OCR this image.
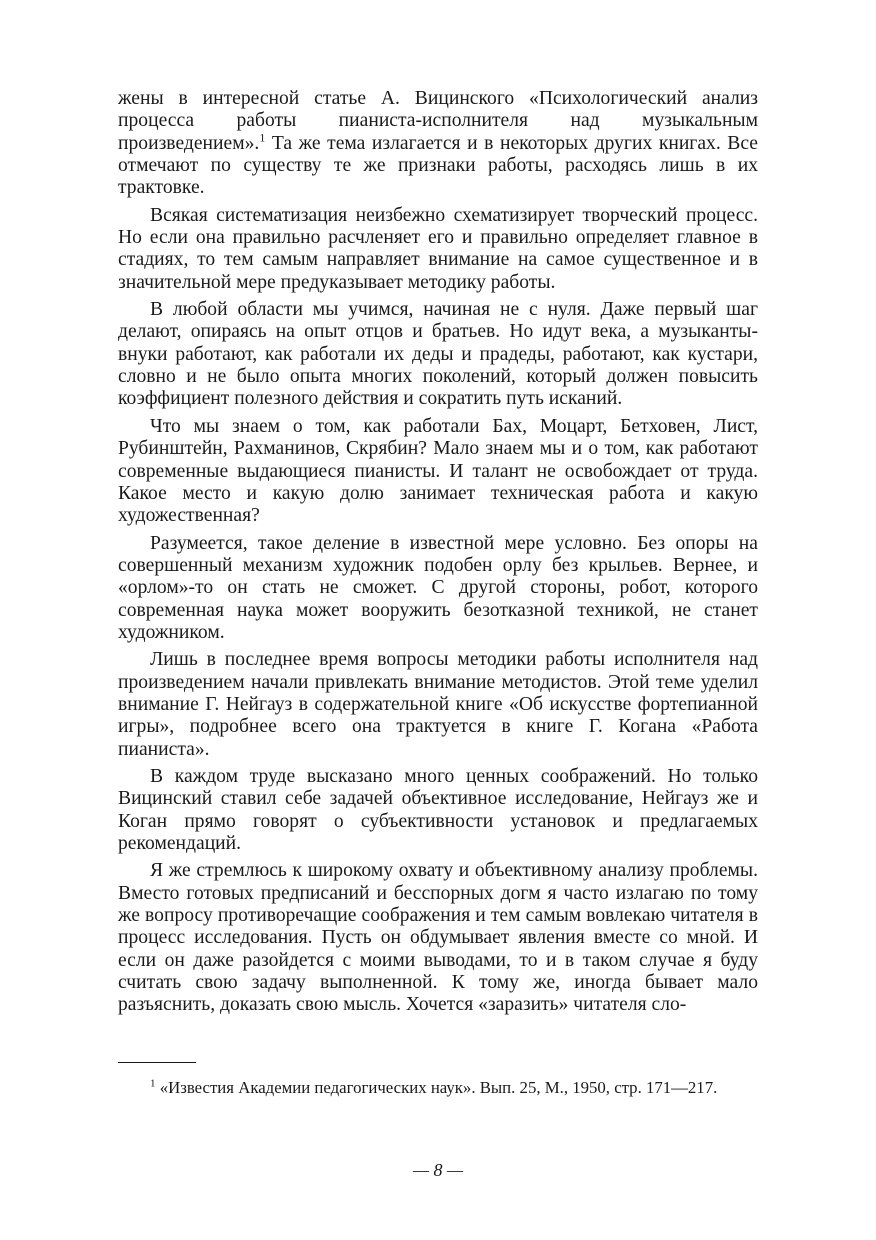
жены в интересной статье А. Вицинского «Психологический анализ процесса работы пианиста-исполнителя над музыкальным произведением».$^1$ Та же тема излагается и в некоторых других книгах. Все отмечают по существу те же признаки работы, расходясь лишь в их трактовке.

Всякая систематизация неизбежно схематизирует творческий процесс. Но если она правильно расчленяет его и правильно определяет главное в стадиях, то тем самым направляет внимание на самое существенное и в значительной мере предуказывает методику работы.

В любой области мы учимся, начиная не с нуля. Даже первый шаг делают, опираясь на опыт отцов и братьев. Но идут века, а музыканты-внуки работают, как работали их деды и прадеды, работают, как кустари, словно и не было опыта многих поколений, который должен повысить коэффициент полезного действия и сократить путь исканий.

Что мы знаем о том, как работали Бах, Моцарт, Бетховен, Лист, Рубинштейн, Рахманинов, Скрябин? Мало знаем мы и о том, как работают современные выдающиеся пианисты. И талант не освобождает от труда. Какое место и какую долю занимает техническая работа и какую художественная?

Разумеется, такое деление в известной мере условно. Без опоры на совершенный механизм художник подобен орлу без крыльев. Вернее, и «орлом»-то он стать не сможет. С другой стороны, робот, которого современная наука может вооружить безотказной техникой, не станет художником.

Лишь в последнее время вопросы методики работы исполнителя над произведением начали привлекать внимание методистов. Этой теме уделил внимание Г. Нейгауз в содержательной книге «Об искусстве фортепианной игры», подробнее всего она трактуется в книге Г. Когана «Работа пианиста».

В каждом труде высказано много ценных соображений. Но только Вицинский ставил себе задачей объективное исследование, Нейгауз же и Коган прямо говорят о субъективности установок и предлагаемых рекомендаций.

Я же стремлюсь к широкому охвату и объективному анализу проблемы. Вместо готовых предписаний и бесспорных догм я часто излагаю по тому же вопросу противоречащие соображения и тем самым вовлекаю читателя в процесс исследования. Пусть он обдумывает явления вместе со мной. И если он даже разойдется с моими выводами, то и в таком случае я буду считать свою задачу выполненной. К тому же, иногда бывает мало разъяснить, доказать свою мысль. Хочется «заразить» читателя сло-

$^1$ «Известия Академии педагогических наук». Вып. 25, М., 1950, стр. 171—217.

— 8 —
